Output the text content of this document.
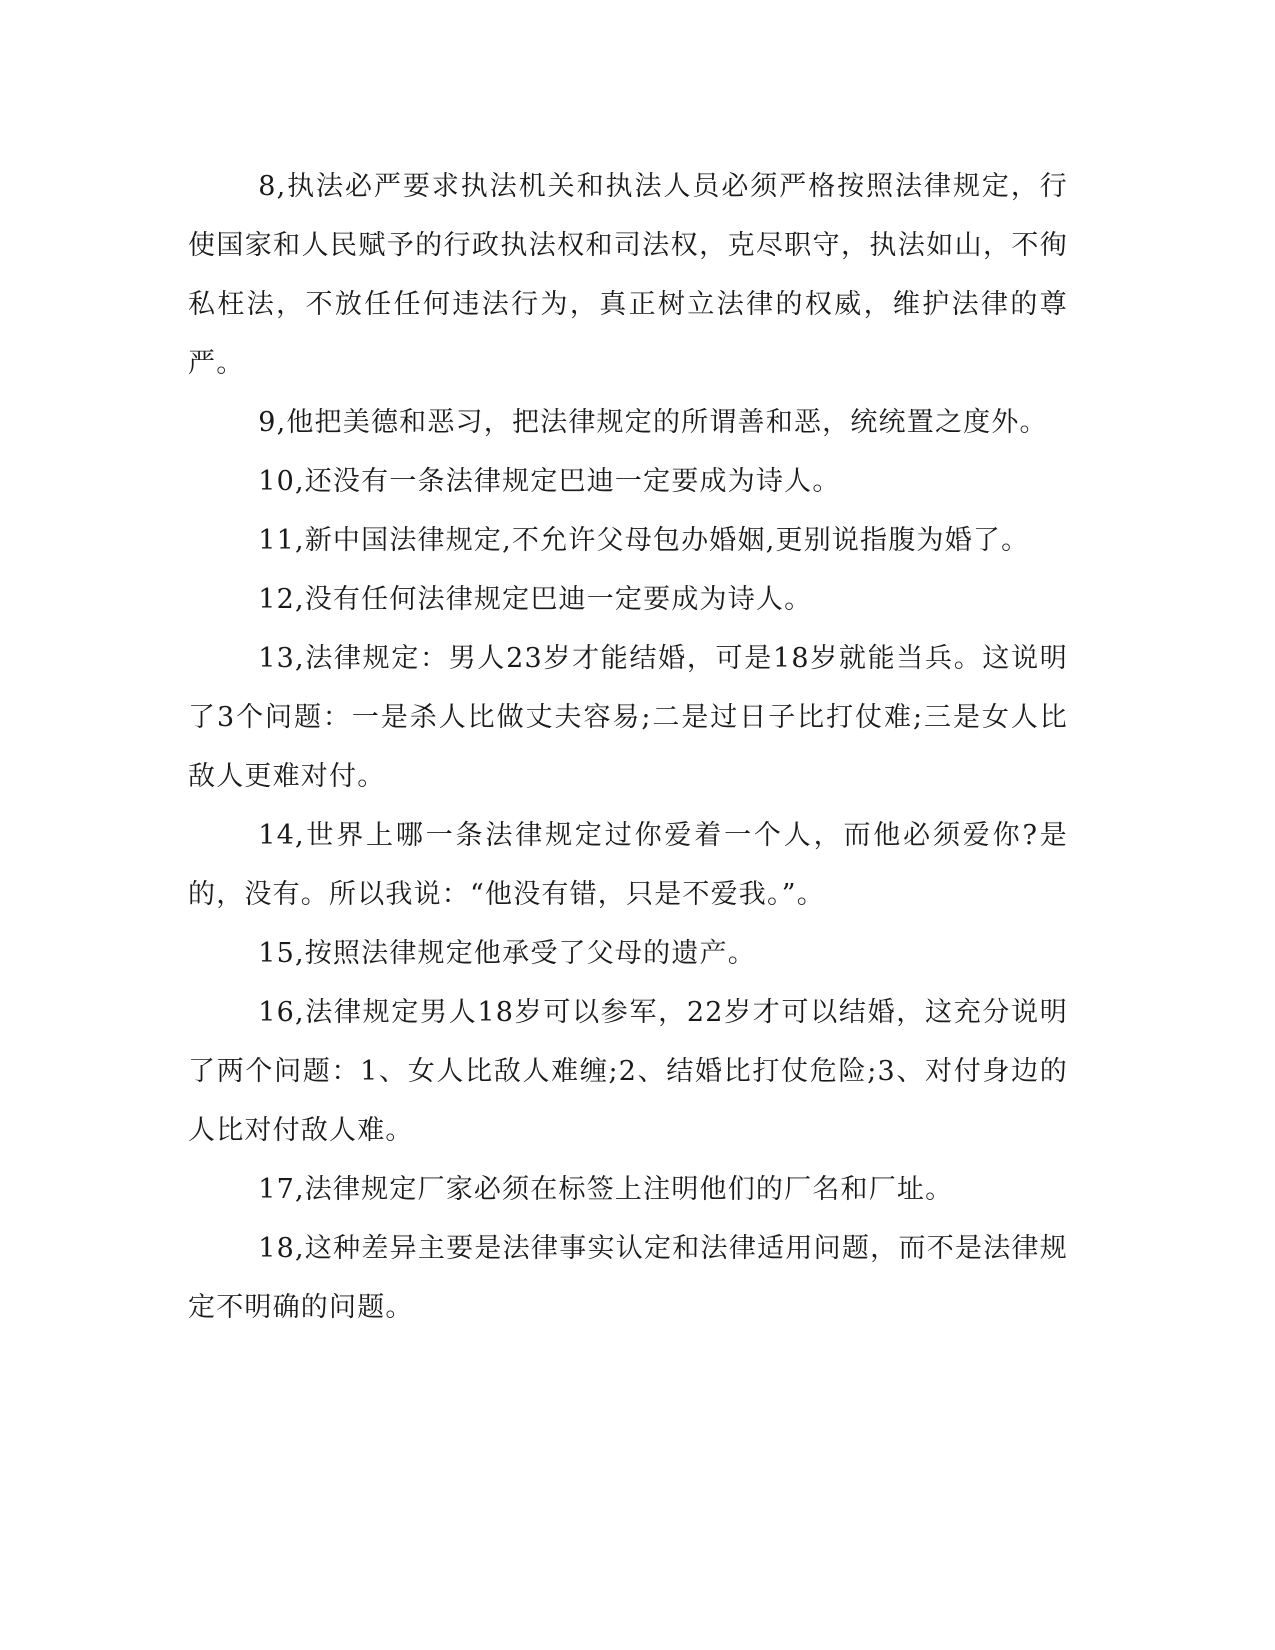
8,执法必严要求执法机关和执法人员必须严格按照法律规定，行使国家和人民赋予的行政执法权和司法权，克尽职守，执法如山，不徇私枉法，不放任任何违法行为，真正树立法律的权威，维护法律的尊严。

9,他把美德和恶习，把法律规定的所谓善和恶，统统置之度外。

10,还没有一条法律规定巴迪一定要成为诗人。

11,新中国法律规定,不允许父母包办婚姻,更别说指腹为婚了。

12,没有任何法律规定巴迪一定要成为诗人。

13,法律规定：男人23岁才能结婚，可是18岁就能当兵。这说明了3个问题：一是杀人比做丈夫容易;二是过日子比打仗难;三是女人比敌人更难对付。

14,世界上哪一条法律规定过你爱着一个人，而他必须爱你?是的，没有。所以我说：“他没有错，只是不爱我。”。

15,按照法律规定他承受了父母的遗产。

16,法律规定男人18岁可以参军，22岁才可以结婚，这充分说明了两个问题：1、女人比敌人难缠;2、结婚比打仗危险;3、对付身边的人比对付敌人难。

17,法律规定厂家必须在标签上注明他们的厂名和厂址。

18,这种差异主要是法律事实认定和法律适用问题，而不是法律规定不明确的问题。
